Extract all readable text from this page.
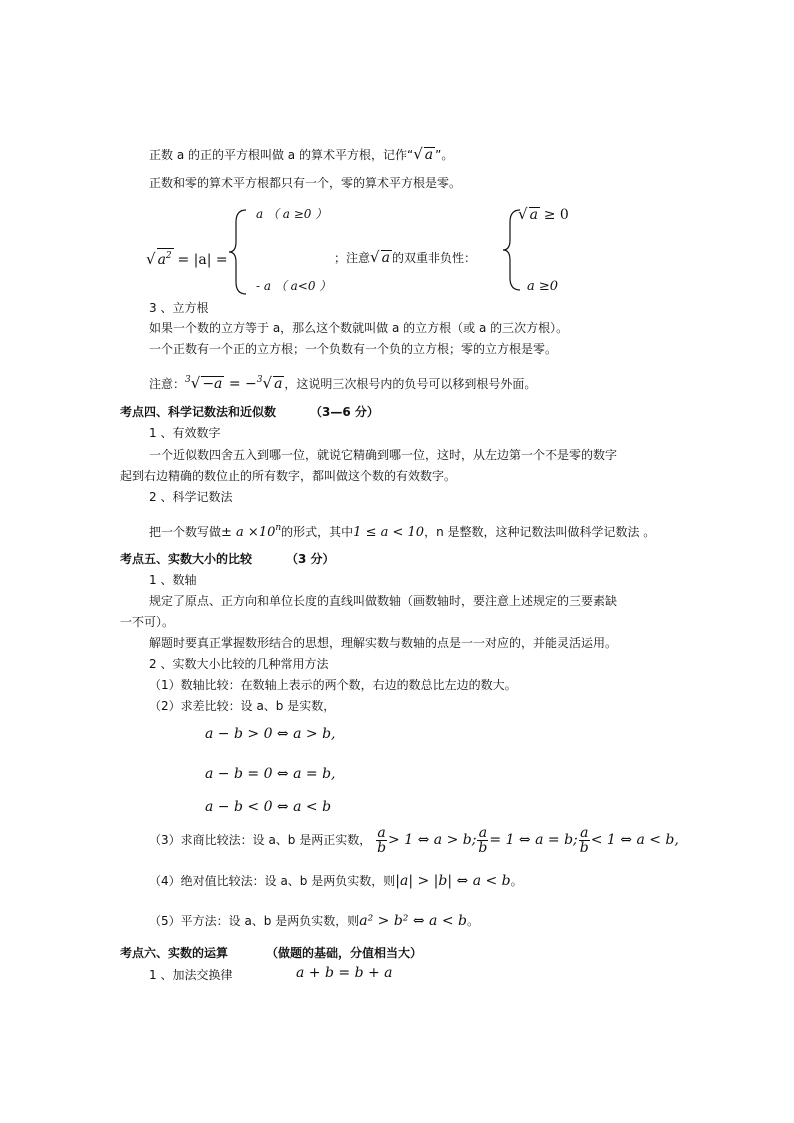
正数 a 的正的平方根叫做 a 的算术平方根，记作“√ a ”。
正数和零的算术平方根都只有一个，零的算术平方根是零。
√ $a^2 = |a|$ =
a （ a ≥0 ）
- a （ a<0 ）
；注意√ a 的双重非负性：
√ a ≥ 0
a ≥0
3 、立方根
如果一个数的立方等于 a，那么这个数就叫做 a 的立方根（或 a 的三次方根）。
一个正数有一个正的立方根；一个负数有一个负的立方根；零的立方根是零。
注意：$^3$√ −a = −$^3$√ a ，这说明三次根号内的负号可以移到根号外面。
考点四、科学记数法和近似数	（3—6 分）
1 、有效数字
一个近似数四舍五入到哪一位，就说它精确到哪一位，这时，从左边第一个不是零的数字
起到右边精确的数位止的所有数字，都叫做这个数的有效数字。
2 、科学记数法
把一个数写做± $a \times 10^n$的形式，其中1 ≤ a < 10，n 是整数，这种记数法叫做科学记数法 。
考点五、实数大小的比较	（3 分）
1 、数轴
规定了原点、正方向和单位长度的直线叫做数轴（画数轴时，要注意上述规定的三要素缺
一不可）。
解题时要真正掌握数形结合的思想，理解实数与数轴的点是一一对应的，并能灵活运用。
2 、实数大小比较的几种常用方法
（1）数轴比较：在数轴上表示的两个数，右边的数总比左边的数大。
（2）求差比较：设 a、b 是实数，
a − b > 0 ⇔ a > b,
a − b = 0 ⇔ a = b,
a − b < 0 ⇔ a < b
（3）求商比较法：设 a、b 是两正实数， $\frac{a}{b} > 1$ ⇔ a > b; $\frac{a}{b} = 1$ ⇔ a = b; $\frac{a}{b} < 1$ ⇔ a < b,
（4）绝对值比较法：设 a、b 是两负实数，则|a| > |b| ⇔ a < b。
（5）平方法：设 a、b 是两负实数，则a² > b² ⇔ a < b。
考点六、实数的运算	（做题的基础，分值相当大）
1 、加法交换律	a + b = b + a
